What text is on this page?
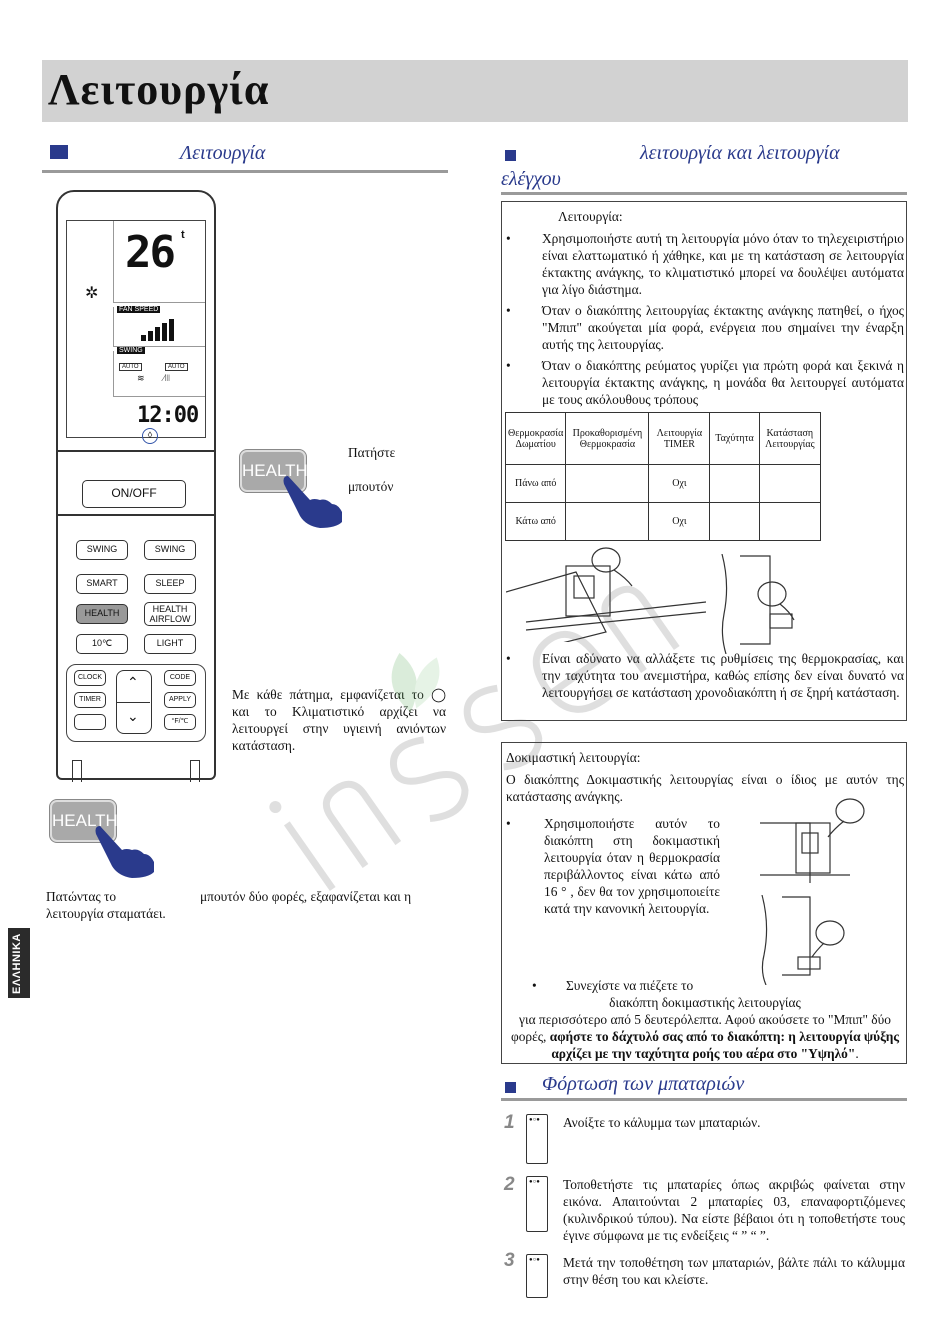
Λειτουργία
Λειτουργία
26 t
✲
FAN SPEED
SWING
AUTO	AUTO
≋ ⁄ǀǀǀ
12:00
◊
ON/OFF
SWING	SWING
SMART	SLEEP
HEALTH	HEALTH
AIRFLOW
10℃	LIGHT
CLOCK	CODE
TIMER	APPLY
°F/℃
⌃
⌄
HEALTH
Πατήστε
μπουτόν
Με κάθε πάτημα, εμφανίζεται το ◯ και το Κλιματιστικό αρχίζει να λειτουργεί στην υγιεινή ανιόντων κατάσταση.
HEALTH
Πατώντας το	μπουτόν δύο φορές, εξαφανίζεται και η
λειτουργία σταματάει.
ΕΛΛΗΝΙΚΑ
λειτουργία και λειτουργία
ελέγχου
Λειτουργία:
• Χρησιμοποιήστε αυτή τη λειτουργία μόνο όταν το τηλεχειριστήριο είναι ελαττωματικό ή χάθηκε, και με τη κατάσταση σε λειτουργία έκτακτης ανάγκης, το κλιματιστικό μπορεί να δουλέψει αυτόματα για λίγο διάστημα.
• Όταν ο διακόπτης λειτουργίας έκτακτης ανάγκης πατηθεί, ο ήχος "Μπιπ" ακούγεται μία φορά, ενέργεια που σημαίνει την έναρξη αυτής της λειτουργίας.
• Όταν ο διακόπτης ρεύματος γυρίζει για πρώτη φορά και ξεκινά η λειτουργία έκτακτης ανάγκης, η μονάδα θα λειτουργεί αυτόματα με τους ακόλουθους τρόπους
Θερμοκρασία Δωματίου	Προκαθορισμένη Θερμοκρασία	Λειτουργία TIMER	Ταχύτητα	Κατάσταση Λειτουργίας
Πάνω από		Οχι		
Κάτω από		Οχι		
• Είναι αδύνατο να αλλάξετε τις ρυθμίσεις της θερμοκρασίας, και την ταχύτητα του ανεμιστήρα, καθώς επίσης δεν είναι δυνατό να λειτουργήσει σε κατάσταση χρονοδιακόπτη ή σε ξηρή κατάσταση.
Δοκιμαστική λειτουργία:
Ο διακόπτης Δοκιμαστικής λειτουργίας είναι ο ίδιος με αυτόν της κατάστασης ανάγκης.
• Χρησιμοποιήστε αυτόν το διακόπτη στη δοκιμαστική λειτουργία όταν η θερμοκρασία περιβάλλοντος είναι κάτω από 16 ° , δεν θα τον χρησιμοποιείτε κατά την κανονική λειτουργία.
• Συνεχίστε να πιέζετε το
διακόπτη δοκιμαστικής λειτουργίας
για περισσότερο από 5 δευτερόλεπτα. Αφού ακούσετε το "Μπιπ" δύο φορές, αφήστε το δάχτυλό σας από το διακόπτη: η λειτουργία ψύξης αρχίζει με την ταχύτητα ροής του αέρα στο "Υψηλό".
Φόρτωση των μπαταριών
1 ●○●	Ανοίξτε το κάλυμμα των μπαταριών.
2 ●○●	Τοποθετήστε τις μπαταρίες όπως ακριβώς φαίνεται στην εικόνα. Απαιτούνται 2 μπαταρίες 03, επαναφορτιζόμενες (κυλινδρικού τύπου). Να είστε βέβαιοι ότι η τοποθετήστε τους έγινε σύμφωνα με τις ενδείξεις “ ” “ ”.
3 ●○●	Μετά την τοποθέτηση των μπαταριών, βάλτε πάλι το κάλυμμα στην θέση του και κλείστε.
